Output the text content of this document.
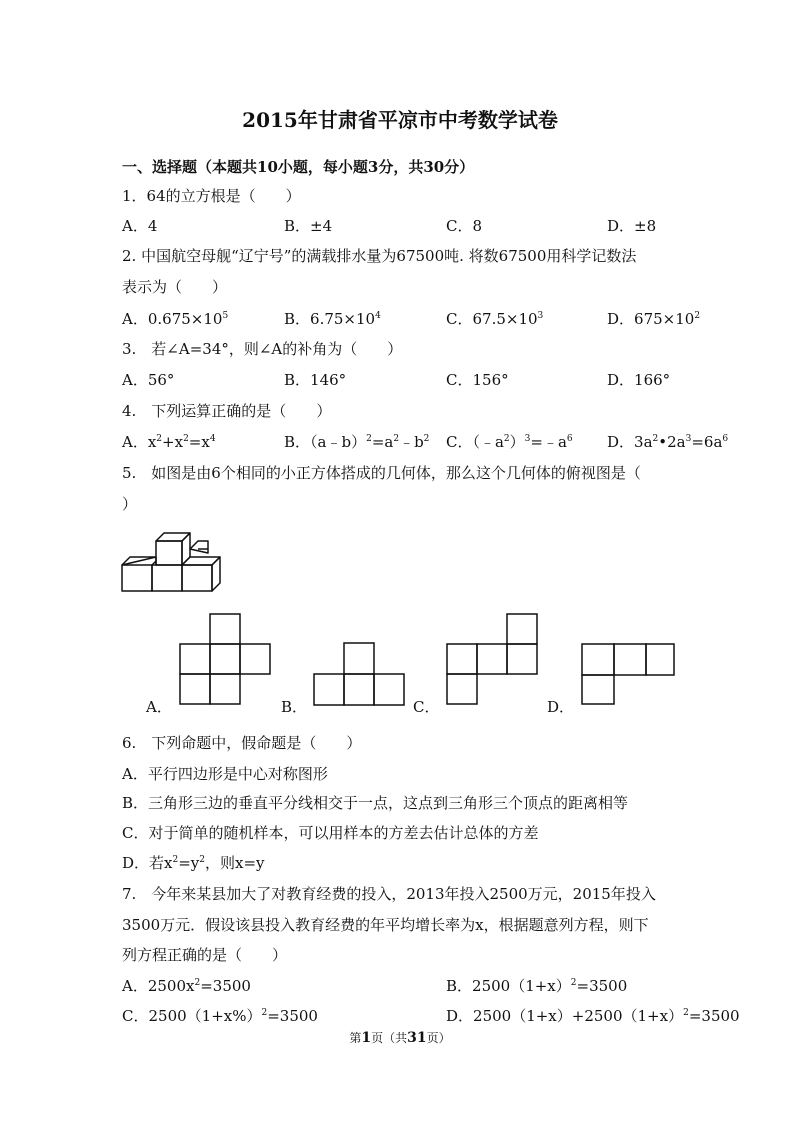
2015年甘肃省平凉市中考数学试卷
一、选择题（本题共10小题，每小题3分，共30分）
1．64的立方根是（　　）
A．4	B．±4	C．8	D．±8
2. 中国航空母舰“辽宁号”的满载排水量为67500吨. 将数67500用科学记数法
表示为（　　）
A．$0.675\times 10^5$	B．$6.75\times 10^4$	C．$67.5\times 10^3$	D．$675\times 10^2$
3.　若∠A=34°，则∠A的补角为（　　）
A．56°	B．146°	C．156°	D．166°
4.　下列运算正确的是（　　）
A．$x^2+x^2=x^4$	B．$(a﹣b)^2=a^2﹣b^2$ C．$(﹣a^2)^3=﹣a^6$ D．$3a^2•2a^3=6a^6$
5.　如图是由6个相同的小正方体搭成的几何体，那么这个几何体的俯视图是（
）
A．	B．	C．	D．
6.　下列命题中，假命题是（　　）
A．平行四边形是中心对称图形
B．三角形三边的垂直平分线相交于一点，这点到三角形三个顶点的距离相等
C．对于简单的随机样本，可以用样本的方差去估计总体的方差
D．若$x^2=y^2$，则x=y
7.　今年来某县加大了对教育经费的投入，2013年投入2500万元，2015年投入
3500万元．假设该县投入教育经费的年平均增长率为x，根据题意列方程，则下
列方程正确的是（　　）
A．$2500x^2=3500$	B．$2500(1+x)^2=3500$
C．$2500(1+x\%)^2=3500$	D．$2500(1+x)+2500(1+x)^2=3500$
第1页（共31页）
